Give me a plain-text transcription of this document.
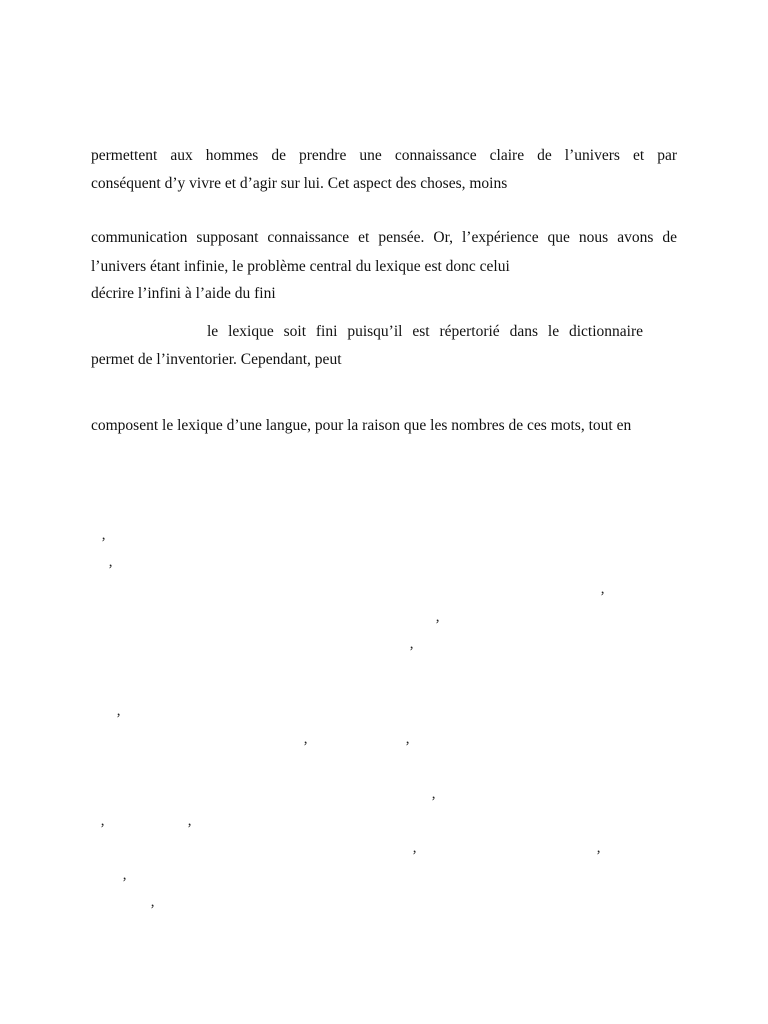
permettent aux hommes de prendre une connaissance claire de l’univers et par

conséquent d’y vivre et d’agir sur lui. Cet aspect des choses, moins

communication supposant connaissance et pensée. Or, l’expérience que nous avons de

l’univers étant infinie, le problème central du lexique est donc celui

décrire l’infini à l’aide du fini

le lexique soit fini puisqu’il est répertorié dans le dictionnaire

permet de l’inventorier. Cependant, peut

composent le lexique d’une langue, pour la raison que les nombres de ces mots, tout en

’
’
’
’
’
’
’	’
’
’	’
’	’
’
’
